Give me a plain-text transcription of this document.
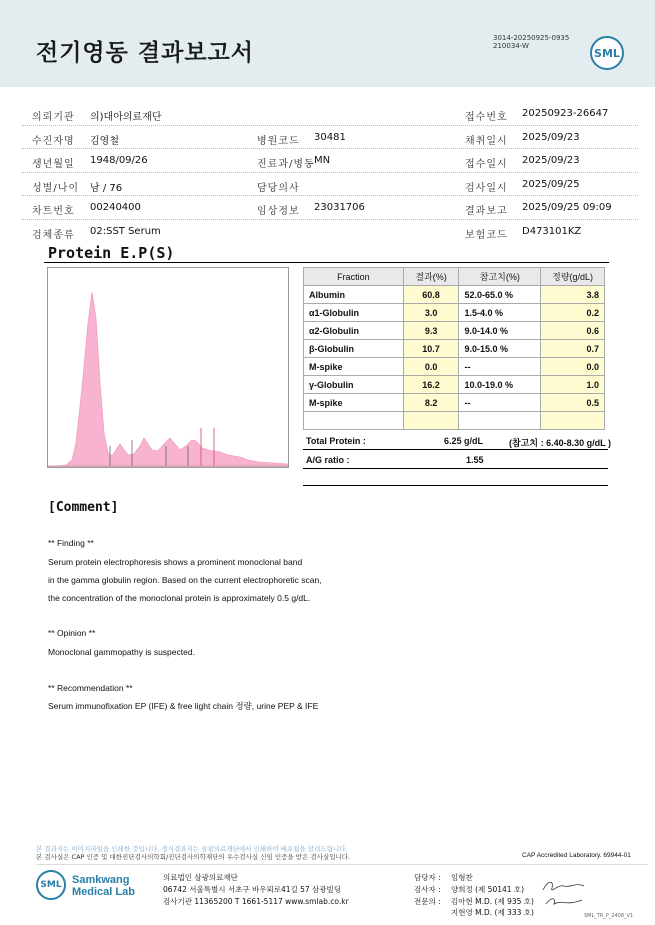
전기영동 결과보고서
3014-20250925-0935
210034-W
SML
의뢰기관 의)대아의료재단	접수번호 20250923-26647
수진자명 김영철	병원코드 30481	채취일시 2025/09/23
생년월일 1948/09/26	진료과/병동 MN	접수일시 2025/09/23
성별/나이 남 / 76	담당의사	검사일시 2025/09/25
차트번호 00240400	임상정보 23031706	결과보고 2025/09/25 09:09
검체종류 02:SST Serum	보험코드 D473101KZ
Protein E.P(S)
Fraction	결과(%)	참고치(%)	정량(g/dL)
Albumin	60.8	52.0-65.0 %	3.8
α1-Globulin	3.0	1.5-4.0 %	0.2
α2-Globulin	9.3	9.0-14.0 %	0.6
β-Globulin	10.7	9.0-15.0 %	0.7
M-spike	0.0	--	0.0
γ-Globulin	16.2	10.0-19.0 %	1.0
M-spike	8.2	--	0.5

Total Protein :	6.25 g/dL	(참고치 : 6.40-8.30 g/dL )
A/G ratio :	1.55
[Comment]
** Finding **
Serum protein electrophoresis shows a prominent monoclonal band
in the gamma globulin region. Based on the current electrophoretic scan,
the concentration of the monoclonal protein is approximately 0.5 g/dL.
** Opinion **
Monoclonal gammopathy is suspected.
** Recommendation **
Serum immunofixation EP (IFE) & free light chain 정량, urine PEP & IFE
본 결과지는 이미지파일을 인쇄한 것입니다. 정식결과지는 삼광의료재단에서 인쇄하여 배포됨을 알려드립니다.
본 검사실은 CAP 인증 및 대한진단검사의학회/진단검사의학재단의 우수검사실 신임 인증을 받은 검사실입니다.	CAP Accredited Laboratory. 69944-01
SML Samkwang
Medical Lab
의료법인 삼광의료재단
06742 서울특별시 서초구 바우뫼로41길 57 삼광빌딩
검사기관 11365200 T 1661-5117 www.smlab.co.kr
담당자 : 임형찬
검사자 : 양희정 (제 50141 호)
전문의 : 김아현 M.D. (제 935 호)
지현영 M.D. (제 333 호)	SML_TR_P_2408_V1
